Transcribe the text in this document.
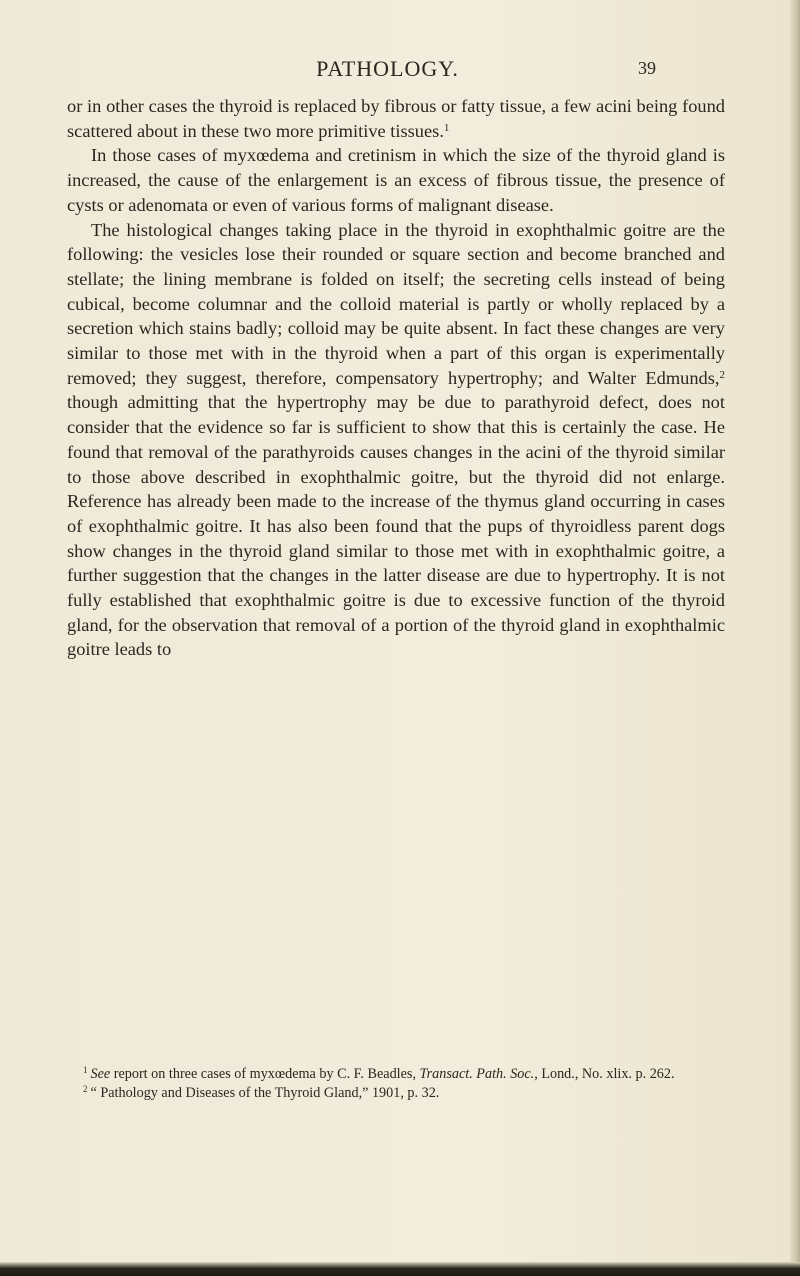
PATHOLOGY.	39

or in other cases the thyroid is replaced by fibrous or fatty tissue, a few acini being found scattered about in these two more primitive tissues.$^1$

In those cases of myxœdema and cretinism in which the size of the thyroid gland is increased, the cause of the enlargement is an excess of fibrous tissue, the presence of cysts or adenomata or even of various forms of malignant disease.

The histological changes taking place in the thyroid in exophthalmic goitre are the following: the vesicles lose their rounded or square section and become branched and stellate; the lining membrane is folded on itself; the secreting cells instead of being cubical, become columnar and the colloid material is partly or wholly replaced by a secretion which stains badly; colloid may be quite absent. In fact these changes are very similar to those met with in the thyroid when a part of this organ is experimentally removed; they suggest, therefore, compensatory hypertrophy; and Walter Edmunds,$^2$ though admitting that the hypertrophy may be due to parathyroid defect, does not consider that the evidence so far is sufficient to show that this is certainly the case. He found that removal of the parathyroids causes changes in the acini of the thyroid similar to those above described in exophthalmic goitre, but the thyroid did not enlarge. Reference has already been made to the increase of the thymus gland occurring in cases of exophthalmic goitre. It has also been found that the pups of thyroidless parent dogs show changes in the thyroid gland similar to those met with in exophthalmic goitre, a further suggestion that the changes in the latter disease are due to hypertrophy. It is not fully established that exophthalmic goitre is due to excessive function of the thyroid gland, for the observation that removal of a portion of the thyroid gland in exophthalmic goitre leads to

$^1$ See report on three cases of myxœdema by C. F. Beadles, Transact. Path. Soc., Lond., No. xlix. p. 262.

$^2$ “ Pathology and Diseases of the Thyroid Gland,” 1901, p. 32.
